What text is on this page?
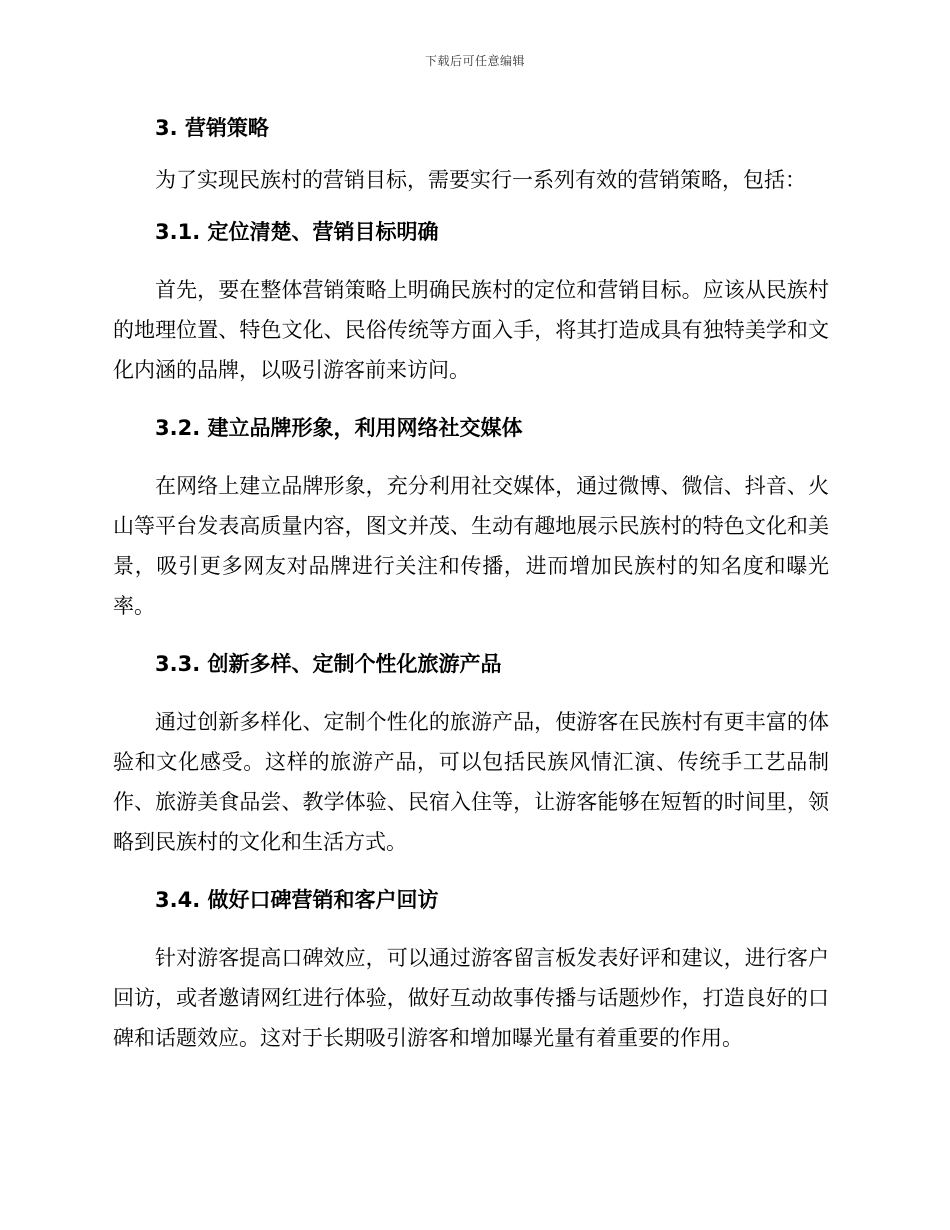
下载后可任意编辑
3. 营销策略

为了实现民族村的营销目标，需要实行一系列有效的营销策略，包括：

3.1. 定位清楚、营销目标明确

首先，要在整体营销策略上明确民族村的定位和营销目标。应该从民族村的地理位置、特色文化、民俗传统等方面入手，将其打造成具有独特美学和文化内涵的品牌，以吸引游客前来访问。

3.2. 建立品牌形象，利用网络社交媒体

在网络上建立品牌形象，充分利用社交媒体，通过微博、微信、抖音、火山等平台发表高质量内容，图文并茂、生动有趣地展示民族村的特色文化和美景，吸引更多网友对品牌进行关注和传播，进而增加民族村的知名度和曝光率。

3.3. 创新多样、定制个性化旅游产品

通过创新多样化、定制个性化的旅游产品，使游客在民族村有更丰富的体验和文化感受。这样的旅游产品，可以包括民族风情汇演、传统手工艺品制作、旅游美食品尝、教学体验、民宿入住等，让游客能够在短暂的时间里，领略到民族村的文化和生活方式。

3.4. 做好口碑营销和客户回访

针对游客提高口碑效应，可以通过游客留言板发表好评和建议，进行客户回访，或者邀请网红进行体验，做好互动故事传播与话题炒作，打造良好的口碑和话题效应。这对于长期吸引游客和增加曝光量有着重要的作用。
